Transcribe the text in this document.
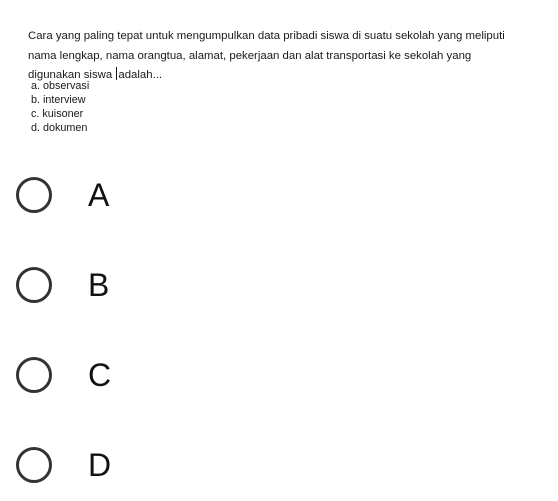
Cara yang paling tepat untuk mengumpulkan data pribadi siswa di suatu sekolah yang meliputi
nama lengkap, nama orangtua, alamat, pekerjaan dan alat transportasi ke sekolah yang
digunakan siswa adalah...
a. observasi
b. interview
c. kuisoner
d. dokumen
A
B
C
D
